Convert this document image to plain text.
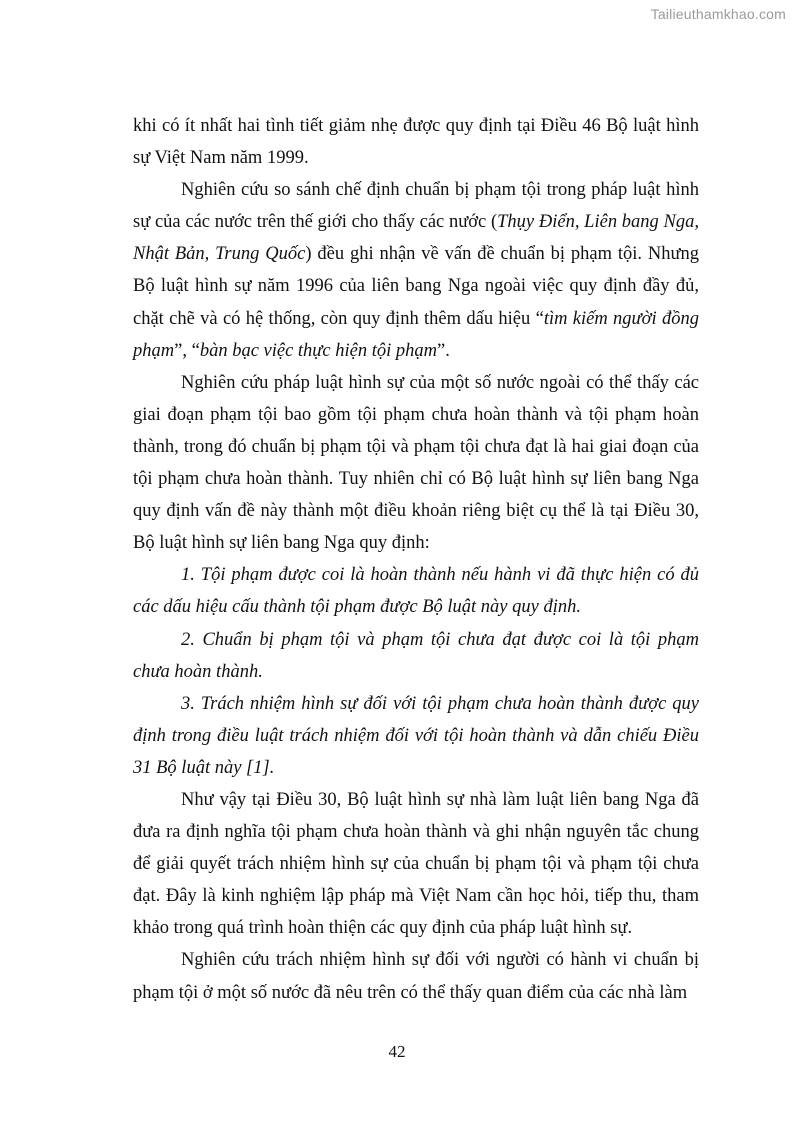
Tailieuthamkhao.com

khi có ít nhất hai tình tiết giảm nhẹ được quy định tại Điều 46 Bộ luật hình sự Việt Nam năm 1999.

Nghiên cứu so sánh chế định chuẩn bị phạm tội trong pháp luật hình sự của các nước trên thế giới cho thấy các nước (Thụy Điển, Liên bang Nga, Nhật Bản, Trung Quốc) đều ghi nhận về vấn đề chuẩn bị phạm tội. Nhưng Bộ luật hình sự năm 1996 của liên bang Nga ngoài việc quy định đầy đủ, chặt chẽ và có hệ thống, còn quy định thêm dấu hiệu “tìm kiếm người đồng phạm”, “bàn bạc việc thực hiện tội phạm”.

Nghiên cứu pháp luật hình sự của một số nước ngoài có thể thấy các giai đoạn phạm tội bao gồm tội phạm chưa hoàn thành và tội phạm hoàn thành, trong đó chuẩn bị phạm tội và phạm tội chưa đạt là hai giai đoạn của tội phạm chưa hoàn thành. Tuy nhiên chỉ có Bộ luật hình sự liên bang Nga quy định vấn đề này thành một điều khoản riêng biệt cụ thể là tại Điều 30, Bộ luật hình sự liên bang Nga quy định:

1. Tội phạm được coi là hoàn thành nếu hành vi đã thực hiện có đủ các dấu hiệu cấu thành tội phạm được Bộ luật này quy định.

2. Chuẩn bị phạm tội và phạm tội chưa đạt được coi là tội phạm chưa hoàn thành.

3. Trách nhiệm hình sự đối với tội phạm chưa hoàn thành được quy định trong điều luật trách nhiệm đối với tội hoàn thành và dẫn chiếu Điều 31 Bộ luật này [1].

Như vậy tại Điều 30, Bộ luật hình sự nhà làm luật liên bang Nga đã đưa ra định nghĩa tội phạm chưa hoàn thành và ghi nhận nguyên tắc chung để giải quyết trách nhiệm hình sự của chuẩn bị phạm tội và phạm tội chưa đạt. Đây là kinh nghiệm lập pháp mà Việt Nam cần học hỏi, tiếp thu, tham khảo trong quá trình hoàn thiện các quy định của pháp luật hình sự.

Nghiên cứu trách nhiệm hình sự đối với người có hành vi chuẩn bị phạm tội ở một số nước đã nêu trên có thể thấy quan điểm của các nhà làm

42
